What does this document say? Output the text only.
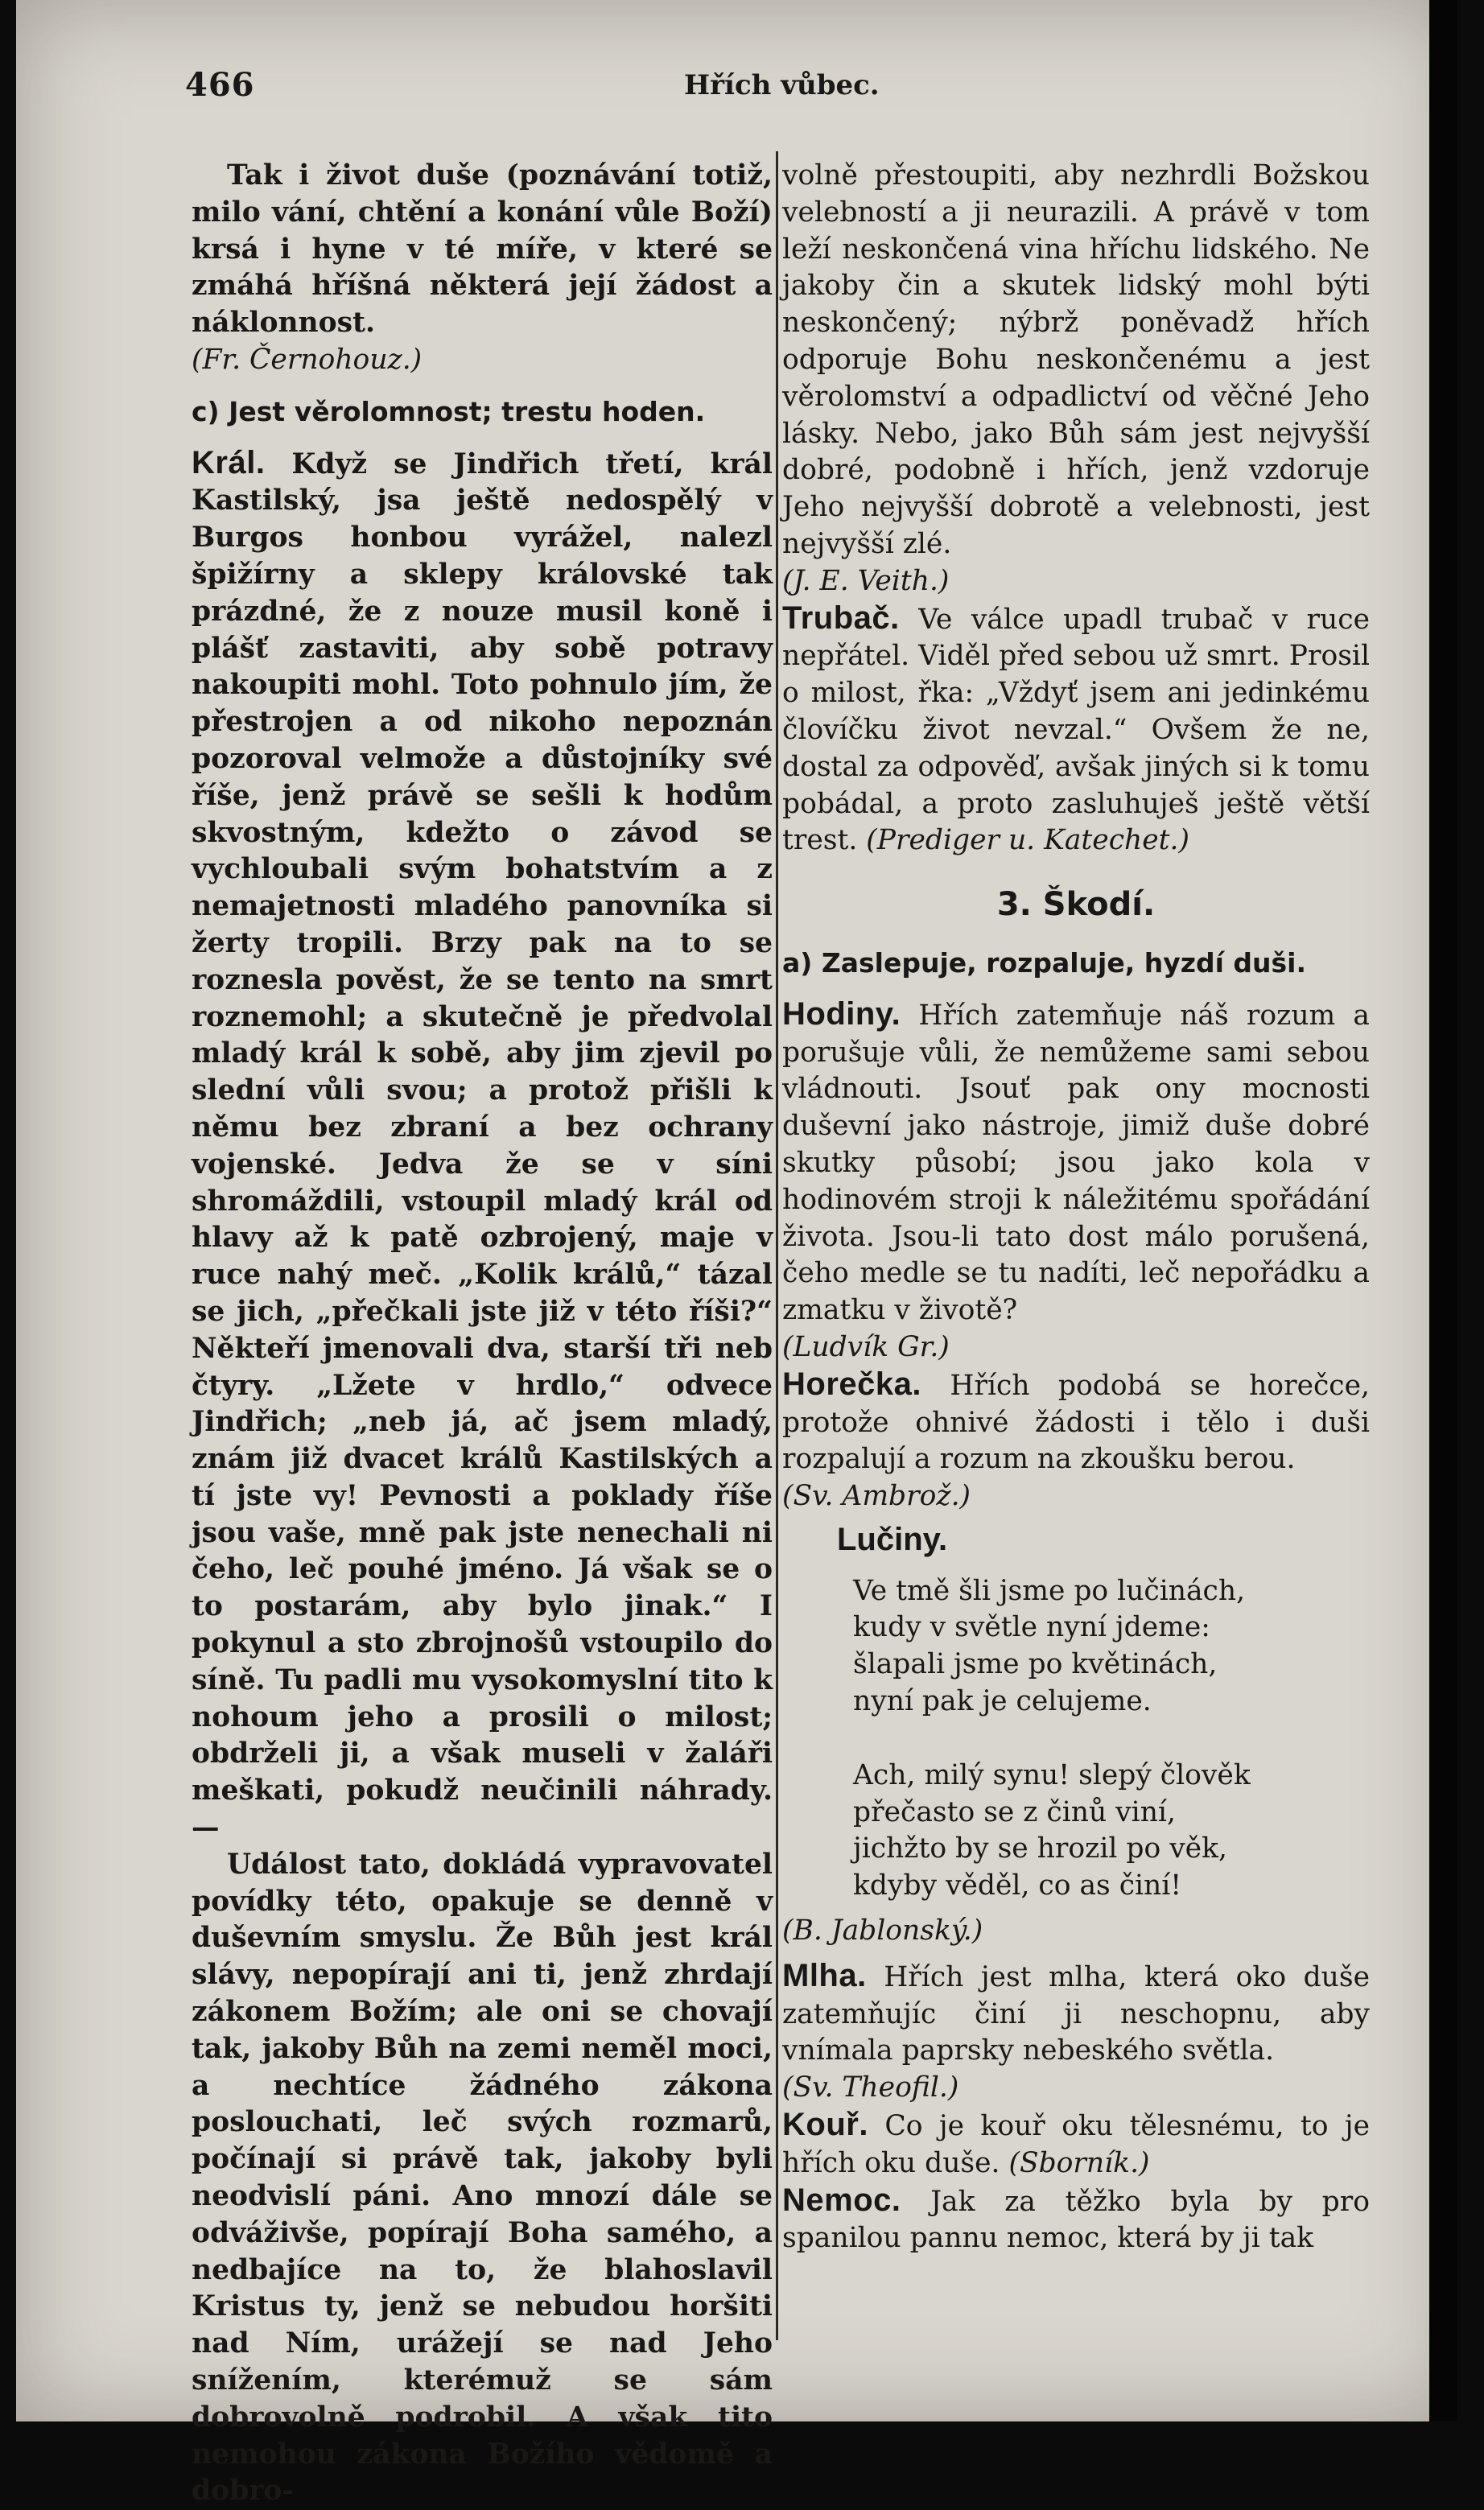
466	Hřích vůbec.

Tak i život duše (poznávání totiž, milo vání, chtění a konání vůle Boží) krsá i hyne v té míře, v které se zmáhá hříšná některá její žádost a náklonnost.

(Fr. Černohouz.)

c) Jest věrolomnost; trestu hoden.

Král. Když se Jindřich třetí, král Kastilský, jsa ještě nedospělý v Burgos honbou vyrážel, nalezl špižírny a sklepy královské tak prázdné, že z nouze musil koně i plášť zastaviti, aby sobě potravy nakoupiti mohl. Toto pohnulo jím, že přestrojen a od nikoho nepoznán pozoroval velmože a důstojníky své říše, jenž právě se sešli k hodům skvostným, kdežto o závod se vychloubali svým bohatstvím a z nemajetnosti mladého panovníka si žerty tropili. Brzy pak na to se roznesla pověst, že se tento na smrt roznemohl; a skutečně je předvolal mladý král k sobě, aby jim zjevil po slední vůli svou; a protož přišli k němu bez zbraní a bez ochrany vojenské. Jedva že se v síni shromáždili, vstoupil mladý král od hlavy až k patě ozbrojený, maje v ruce nahý meč. „Kolik králů,“ tázal se jich, „přečkali jste již v této říši?“ Někteří jmenovali dva, starší tři neb čtyry. „Lžete v hrdlo,“ odvece Jindřich; „neb já, ač jsem mladý, znám již dvacet králů Kastilských a tí jste vy! Pevnosti a poklady říše jsou vaše, mně pak jste nenechali ni čeho, leč pouhé jméno. Já však se o to postarám, aby bylo jinak.“ I pokynul a sto zbrojnošů vstoupilo do síně. Tu padli mu vysokomyslní tito k nohoum jeho a prosili o milost; obdrželi ji, a však museli v žaláři meškati, pokudž neučinili náhrady. —

Událost tato, dokládá vypravovatel povídky této, opakuje se denně v duševním smyslu. Že Bůh jest král slávy, nepopírají ani ti, jenž zhrdají zákonem Božím; ale oni se chovají tak, jakoby Bůh na zemi neměl moci, a nechtíce žádného zákona poslouchati, leč svých rozmarů, počínají si právě tak, jakoby byli neodvislí páni. Ano mnozí dále se odváživše, popírají Boha samého, a nedbajíce na to, že blahoslavil Kristus ty, jenž se nebudou horšiti nad Ním, urážejí se nad Jeho snížením, kterémuž se sám dobrovolně podrobil. A však tito nemohou zákona Božího vědomě a dobro-

volně přestoupiti, aby nezhrdli Božskou velebností a ji neurazili. A právě v tom leží neskončená vina hříchu lidského. Ne jakoby čin a skutek lidský mohl býti neskončený; nýbrž poněvadž hřích odporuje Bohu neskončenému a jest věrolomství a odpadlictví od věčné Jeho lásky. Nebo, jako Bůh sám jest nejvyšší dobré, podobně i hřích, jenž vzdoruje Jeho nejvyšší dobrotě a velebnosti, jest nejvyšší zlé.

(J. E. Veith.)

Trubač. Ve válce upadl trubač v ruce nepřátel. Viděl před sebou už smrt. Prosil o milost, řka: „Vždyť jsem ani jedinkému človíčku život nevzal.“ Ovšem že ne, dostal za odpověď, avšak jiných si k tomu pobádal, a proto zasluhuješ ještě větší trest. (Prediger u. Katechet.)

3. Škodí.

a) Zaslepuje, rozpaluje, hyzdí duši.

Hodiny. Hřích zatemňuje náš rozum a porušuje vůli, že nemůžeme sami sebou vládnouti. Jsouť pak ony mocnosti duševní jako nástroje, jimiž duše dobré skutky působí; jsou jako kola v hodinovém stroji k náležitému spořádání života. Jsou-li tato dost málo porušená, čeho medle se tu nadíti, leč nepořádku a zmatku v životě?

(Ludvík Gr.)

Horečka. Hřích podobá se horečce, protože ohnivé žádosti i tělo i duši rozpalují a rozum na zkoušku berou.

(Sv. Ambrož.)

Lučiny.
Ve tmě šli jsme po lučinách,
kudy v světle nyní jdeme:
šlapali jsme po květinách,
nyní pak je celujeme.
Ach, milý synu! slepý člověk
přečasto se z činů viní,
jichžto by se hrozil po věk,
kdyby věděl, co as činí!

(B. Jablonský.)

Mlha. Hřích jest mlha, která oko duše zatemňujíc činí ji neschopnu, aby vnímala paprsky nebeského světla.

(Sv. Theofil.)

Kouř. Co je kouř oku tělesnému, to je hřích oku duše. (Sborník.)

Nemoc. Jak za těžko byla by pro spanilou pannu nemoc, která by ji tak
